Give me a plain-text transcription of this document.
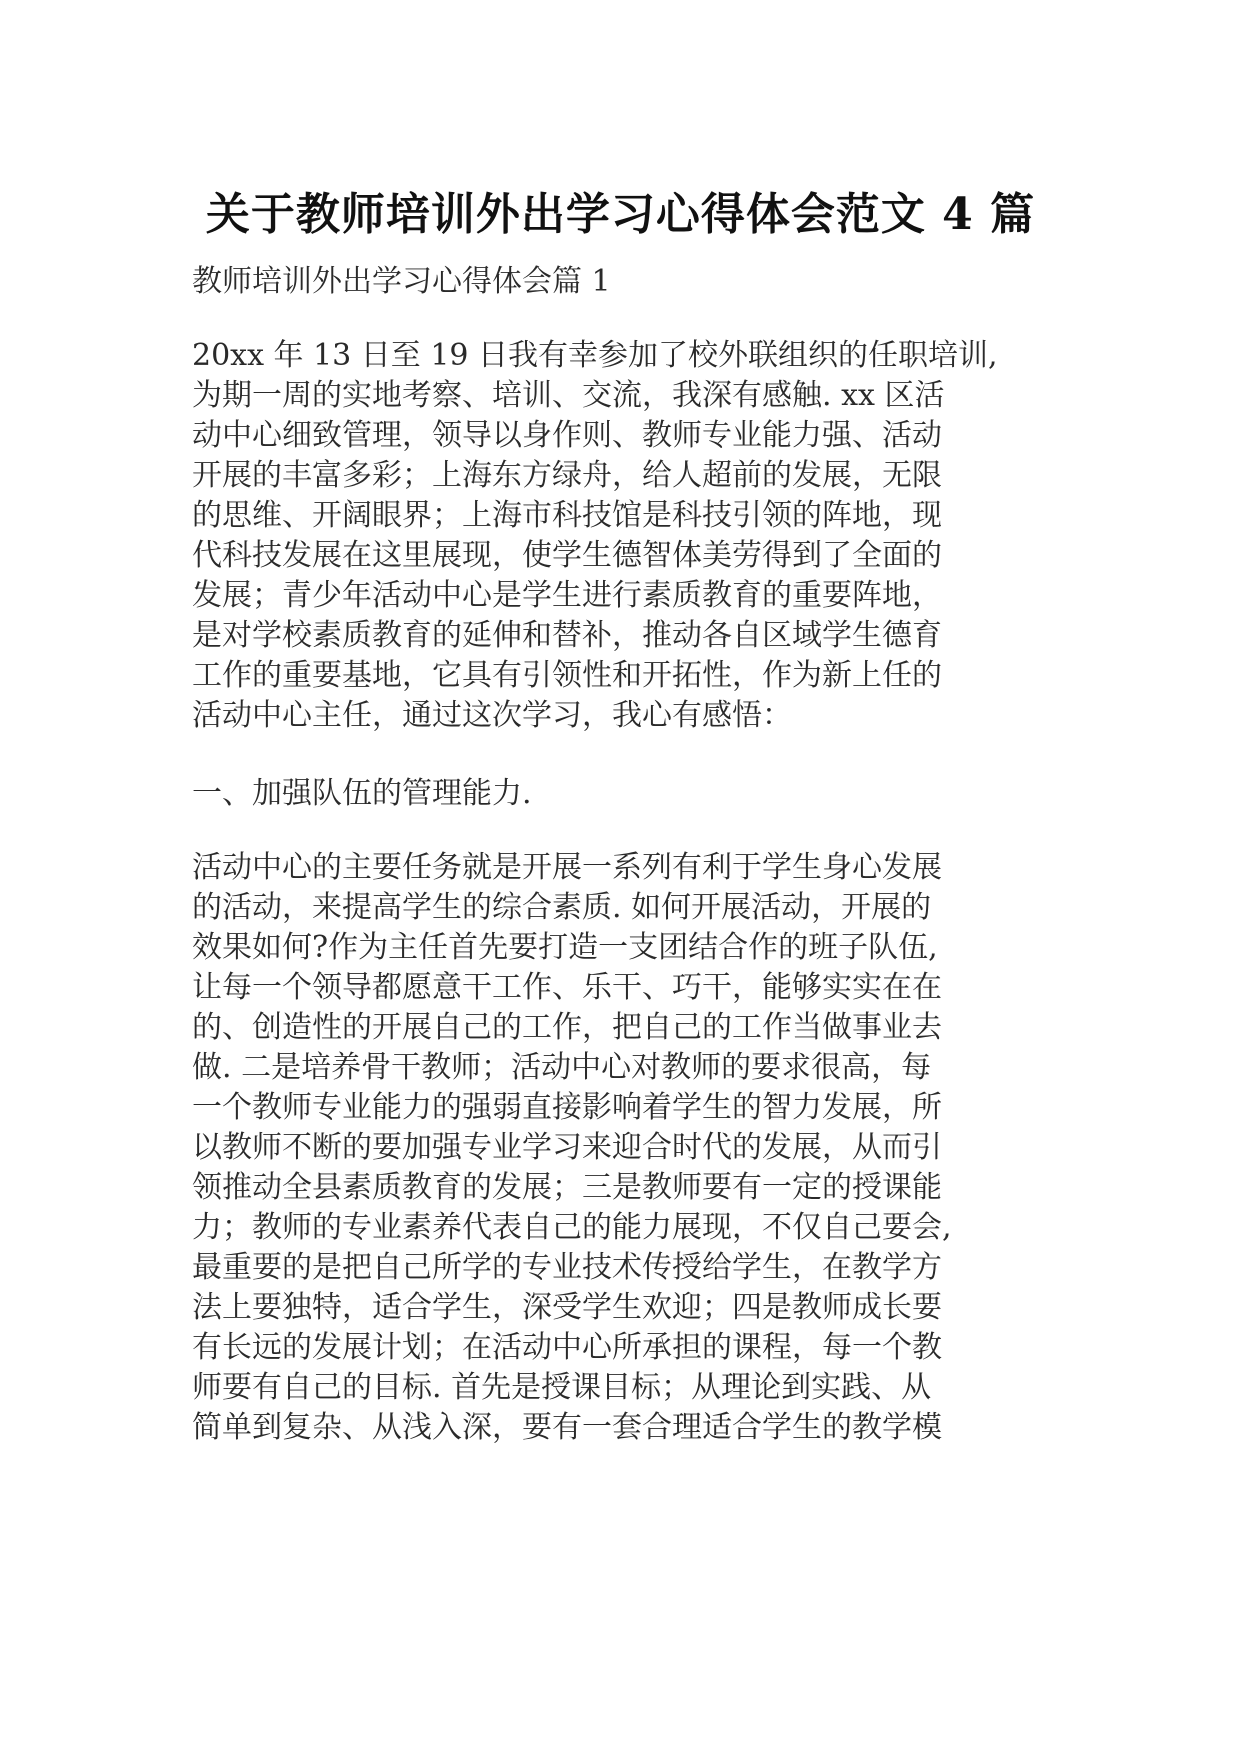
关于教师培训外出学习心得体会范文 4 篇

教师培训外出学习心得体会篇 1

20xx 年 13 日至 19 日我有幸参加了校外联组织的任职培训,

为期一周的实地考察、培训、交流，我深有感触. xx 区活

动中心细致管理，领导以身作则、教师专业能力强、活动

开展的丰富多彩；上海东方绿舟，给人超前的发展，无限

的思维、开阔眼界；上海市科技馆是科技引领的阵地，现

代科技发展在这里展现，使学生德智体美劳得到了全面的

发展；青少年活动中心是学生进行素质教育的重要阵地，

是对学校素质教育的延伸和替补，推动各自区域学生德育

工作的重要基地，它具有引领性和开拓性，作为新上任的

活动中心主任，通过这次学习，我心有感悟：

一、加强队伍的管理能力.

活动中心的主要任务就是开展一系列有利于学生身心发展

的活动，来提高学生的综合素质. 如何开展活动，开展的

效果如何?作为主任首先要打造一支团结合作的班子队伍,

让每一个领导都愿意干工作、乐干、巧干，能够实实在在

的、创造性的开展自己的工作，把自己的工作当做事业去

做. 二是培养骨干教师；活动中心对教师的要求很高，每

一个教师专业能力的强弱直接影响着学生的智力发展，所

以教师不断的要加强专业学习来迎合时代的发展，从而引

领推动全县素质教育的发展；三是教师要有一定的授课能

力；教师的专业素养代表自己的能力展现，不仅自己要会,

最重要的是把自己所学的专业技术传授给学生，在教学方

法上要独特，适合学生，深受学生欢迎；四是教师成长要

有长远的发展计划；在活动中心所承担的课程，每一个教

师要有自己的目标. 首先是授课目标；从理论到实践、从

简单到复杂、从浅入深，要有一套合理适合学生的教学模
